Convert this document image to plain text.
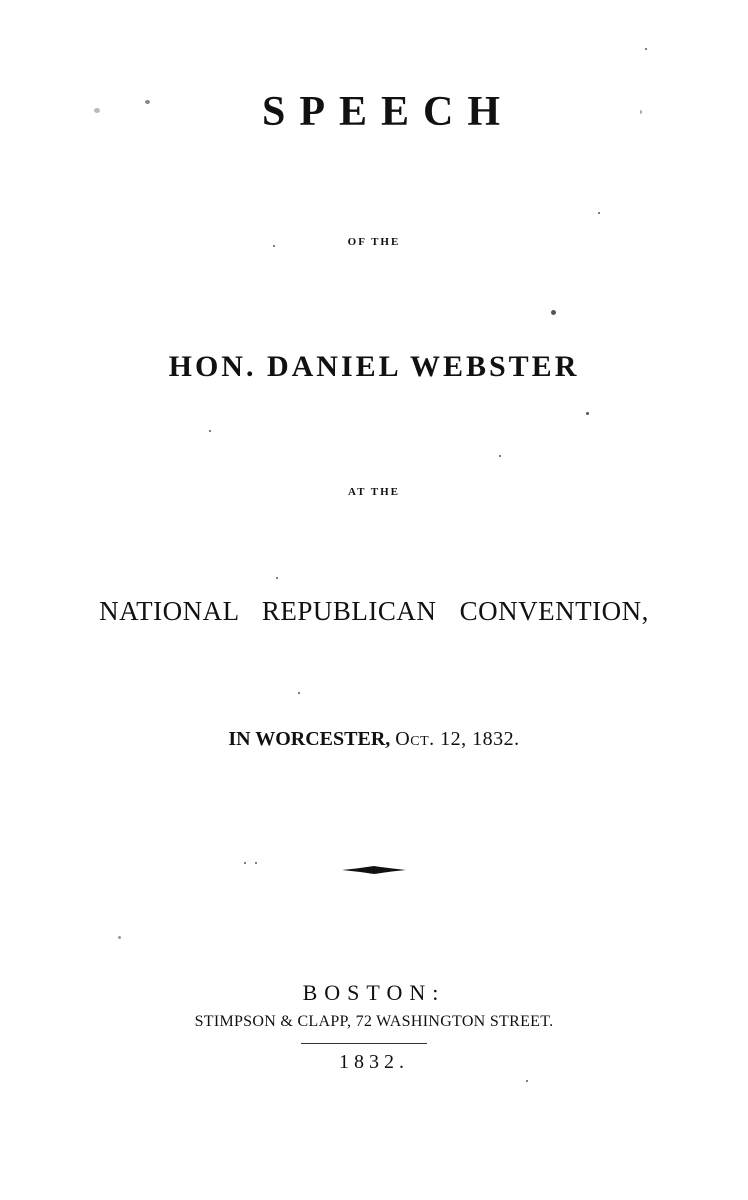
SPEECH
OF THE
HON. DANIEL WEBSTER
AT THE
NATIONAL REPUBLICAN CONVENTION,
IN WORCESTER, Oct. 12, 1832.
BOSTON:
STIMPSON & CLAPP, 72 WASHINGTON STREET.
1832.
